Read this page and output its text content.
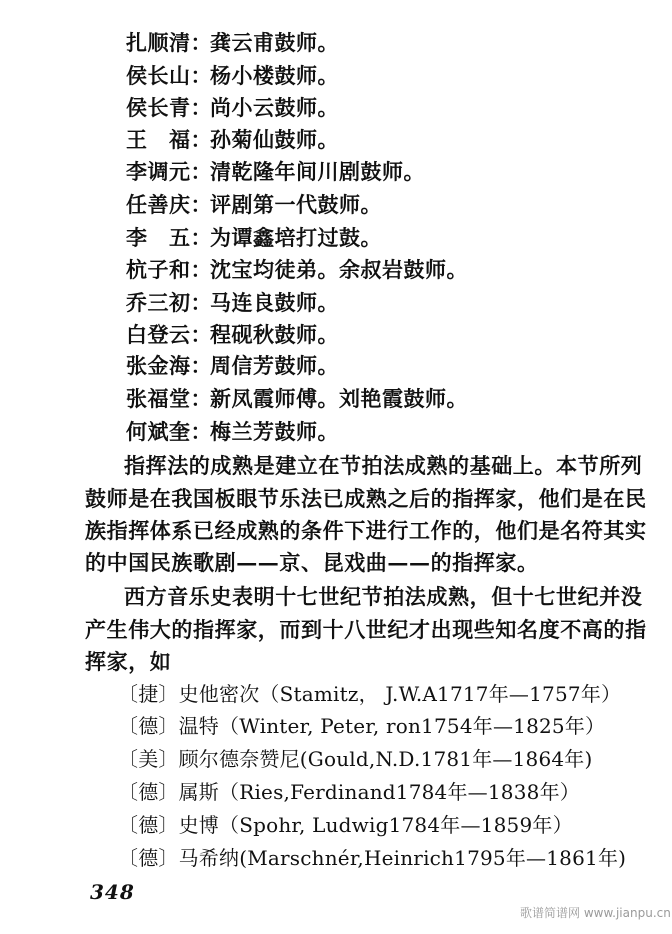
扎顺清：龚云甫鼓师。
侯长山：杨小楼鼓师。
侯长青：尚小云鼓师。
王　福：孙菊仙鼓师。
李调元：清乾隆年间川剧鼓师。
任善庆：评剧第一代鼓师。
李　五：为谭鑫培打过鼓。
杭子和：沈宝均徒弟。余叔岩鼓师。
乔三初：马连良鼓师。
白登云：程砚秋鼓师。
张金海：周信芳鼓师。
张福堂：新凤霞师傅。刘艳霞鼓师。
何斌奎：梅兰芳鼓师。
指挥法的成熟是建立在节拍法成熟的基础上。本节所列
鼓师是在我国板眼节乐法已成熟之后的指挥家，他们是在民
族指挥体系已经成熟的条件下进行工作的，他们是名符其实
的中国民族歌剧——京、昆戏曲——的指挥家。
西方音乐史表明十七世纪节拍法成熟，但十七世纪并没
产生伟大的指挥家，而到十八世纪才出现些知名度不高的指
挥家，如
〔捷〕史他密次（Stamitz， J.W.A1717年—1757年）
〔德〕温特（Winter, Peter, ron1754年—1825年）
〔美〕顾尔德奈赞尼(Gould,N.D.1781年—1864年)
〔德〕属斯（Ries,Ferdinand1784年—1838年）
〔德〕史博（Spohr, Ludwig1784年—1859年）
〔德〕马希纳(Marschnér,Heinrich1795年—1861年)
348
歌谱简谱网 www.jianpu.cn
